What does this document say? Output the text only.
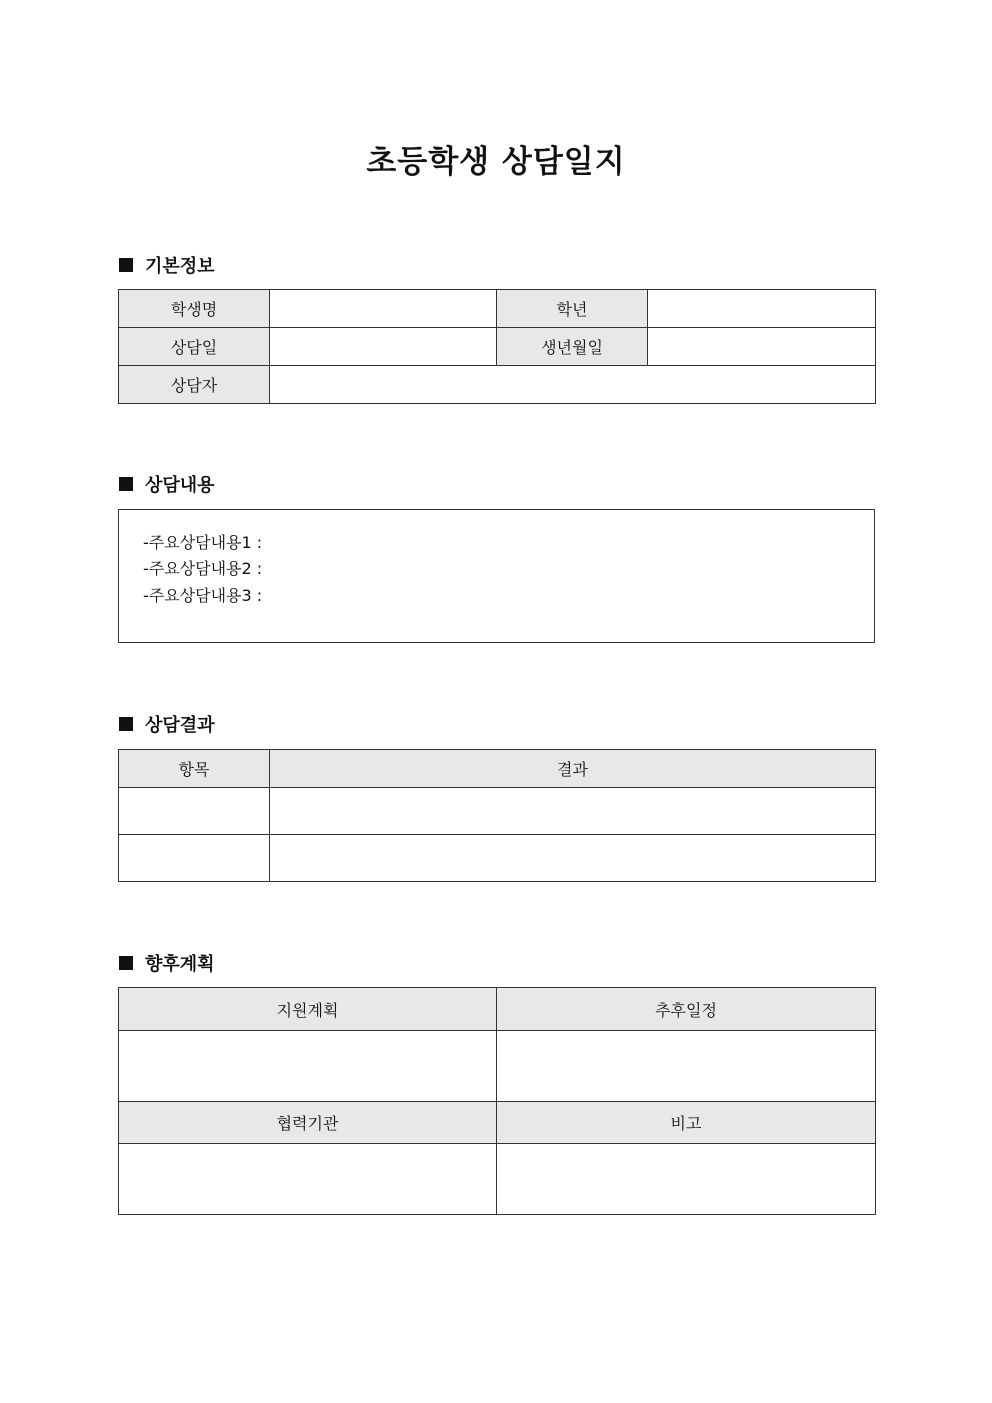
초등학생 상담일지
기본정보
학생명		학년	
상담일		생년월일	
상담자			
상담내용
-주요상담내용1 :
-주요상담내용2 :
-주요상담내용3 :
상담결과
항목	결과

향후계획
지원계획	추후일정

협력기관	비고
